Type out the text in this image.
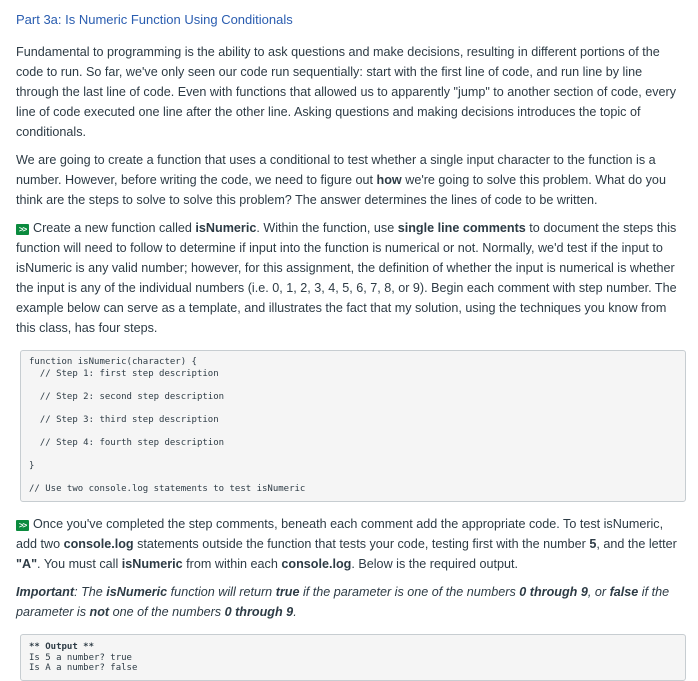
Part 3a: Is Numeric Function Using Conditionals

Fundamental to programming is the ability to ask questions and make decisions, resulting in different portions of the code to run. So far, we've only seen our code run sequentially: start with the first line of code, and run line by line through the last line of code. Even with functions that allowed us to apparently "jump" to another section of code, every line of code executed one line after the other line. Asking questions and making decisions introduces the topic of conditionals.

We are going to create a function that uses a conditional to test whether a single input character to the function is a number. However, before writing the code, we need to figure out how we're going to solve this problem. What do you think are the steps to solve to solve this problem? The answer determines the lines of code to be written.

>> Create a new function called isNumeric. Within the function, use single line comments to document the steps this function will need to follow to determine if input into the function is numerical or not. Normally, we'd test if the input to isNumeric is any valid number; however, for this assignment, the definition of whether the input is numerical is whether the input is any of the individual numbers (i.e. 0, 1, 2, 3, 4, 5, 6, 7, 8, or 9). Begin each comment with step number. The example below can serve as a template, and illustrates the fact that my solution, using the techniques you know from this class, has four steps.

function isNumeric(character) {
// Step 1: first step description
// Step 2: second step description
// Step 3: third step description
// Step 4: fourth step description
}
// Use two console.log statements to test isNumeric

>> Once you've completed the step comments, beneath each comment add the appropriate code. To test isNumeric, add two console.log statements outside the function that tests your code, testing first with the number 5, and the letter "A". You must call isNumeric from within each console.log. Below is the required output.

Important: The isNumeric function will return true if the parameter is one of the numbers 0 through 9, or false if the parameter is not one of the numbers 0 through 9.

** Output **
Is 5 a number? true
Is A a number? false
